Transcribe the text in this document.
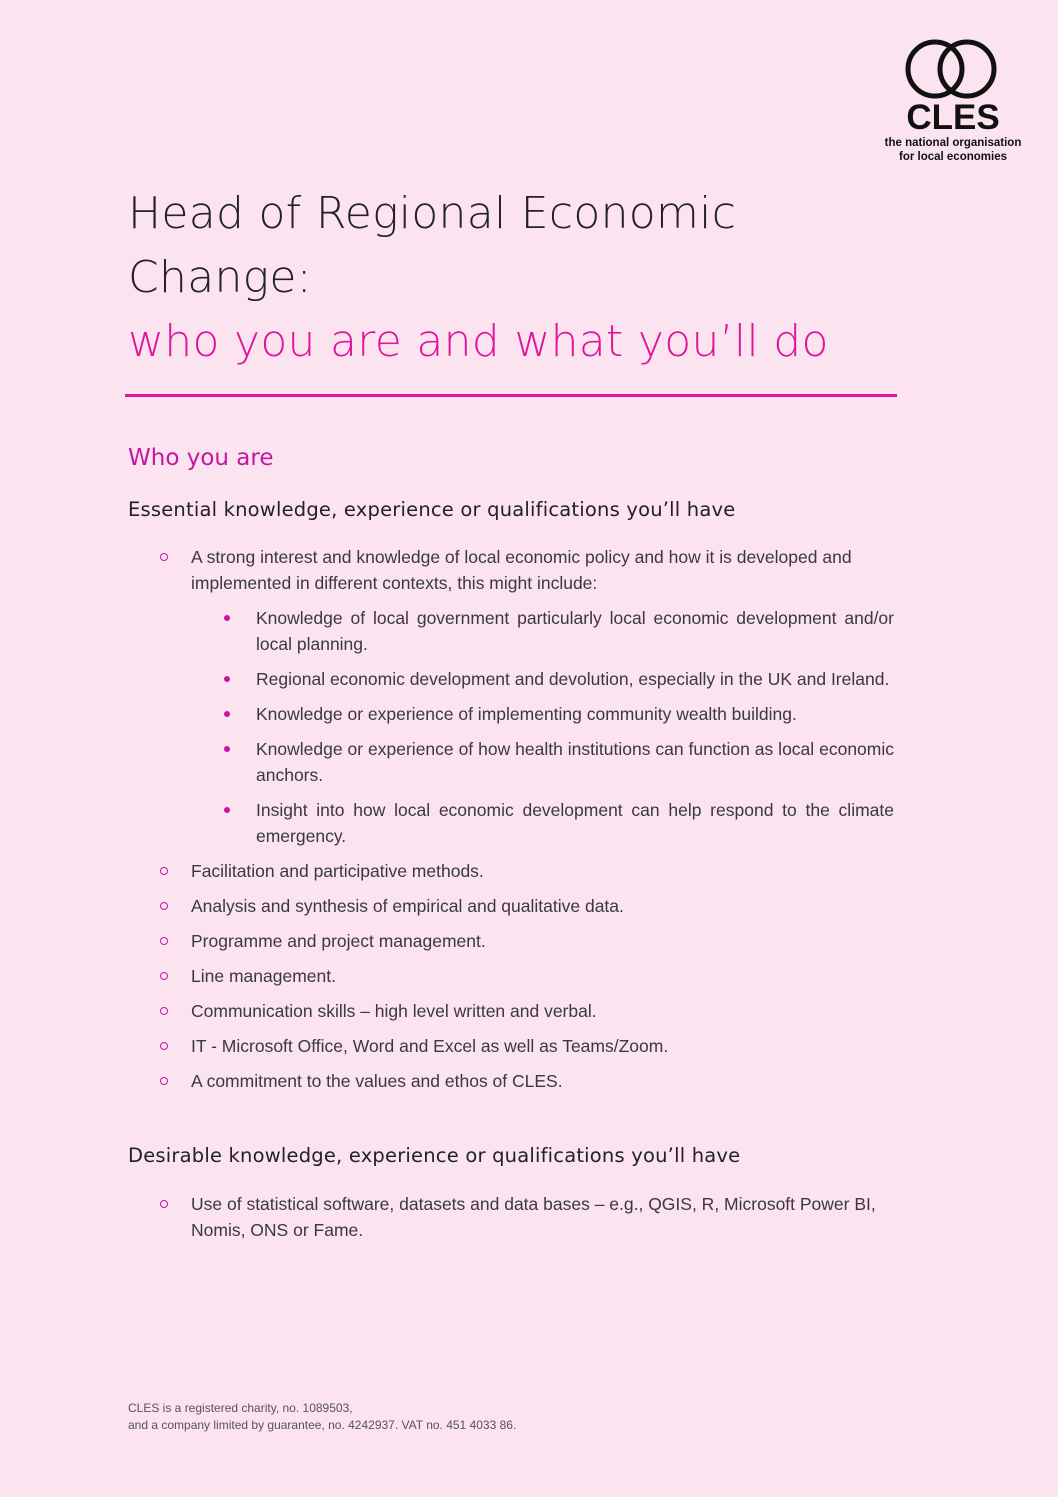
CLES
the national organisation
for local economies
Head of Regional Economic
Change:
who you are and what you’ll do
Who you are
Essential knowledge, experience or qualifications you’ll have
A strong interest and knowledge of local economic policy and how it is developed and implemented in different contexts, this might include:
Knowledge of local government particularly local economic development and/or local planning.
Regional economic development and devolution, especially in the UK and Ireland.
Knowledge or experience of implementing community wealth building.
Knowledge or experience of how health institutions can function as local economic anchors.
Insight into how local economic development can help respond to the climate emergency.
Facilitation and participative methods.
Analysis and synthesis of empirical and qualitative data.
Programme and project management.
Line management.
Communication skills – high level written and verbal.
IT - Microsoft Office, Word and Excel as well as Teams/Zoom.
A commitment to the values and ethos of CLES.
Desirable knowledge, experience or qualifications you’ll have
Use of statistical software, datasets and data bases – e.g., QGIS, R, Microsoft Power BI, Nomis, ONS or Fame.
CLES is a registered charity, no. 1089503,
and a company limited by guarantee, no. 4242937. VAT no. 451 4033 86.
